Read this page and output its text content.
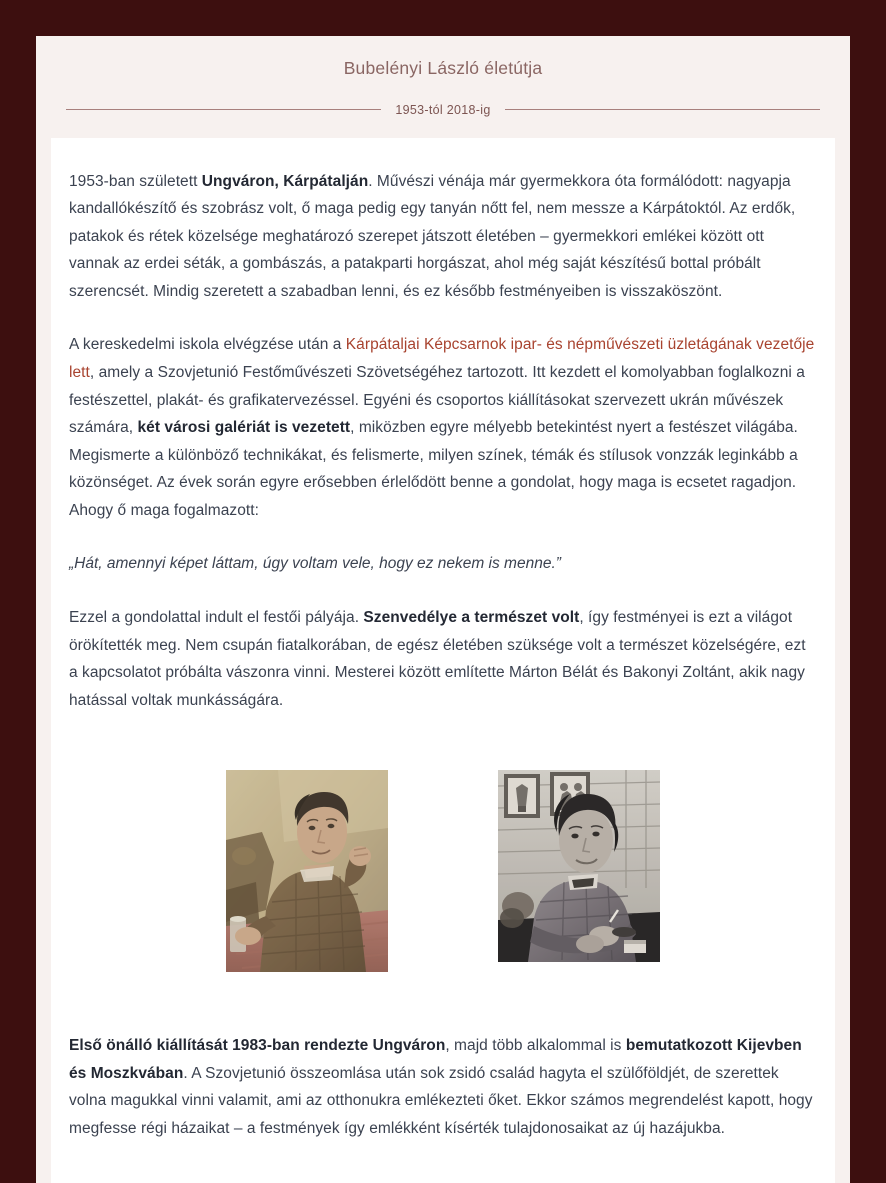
Bubelényi László életútja
1953-tól 2018-ig

1953-ban született Ungváron, Kárpátalján. Művészi vénája már gyermekkora óta formálódott: nagyapja kandallókészítő és szobrász volt, ő maga pedig egy tanyán nőtt fel, nem messze a Kárpátoktól. Az erdők, patakok és rétek közelsége meghatározó szerepet játszott életében – gyermekkori emlékei között ott vannak az erdei séták, a gombászás, a patakparti horgászat, ahol még saját készítésű bottal próbált szerencsét. Mindig szeretett a szabadban lenni, és ez később festményeiben is visszaköszönt.

A kereskedelmi iskola elvégzése után a Kárpátaljai Képcsarnok ipar- és népművészeti üzletágának vezetője lett, amely a Szovjetunió Festőművészeti Szövetségéhez tartozott. Itt kezdett el komolyabban foglalkozni a festészettel, plakát- és grafikatervezéssel. Egyéni és csoportos kiállításokat szervezett ukrán művészek számára, két városi galériát is vezetett, miközben egyre mélyebb betekintést nyert a festészet világába. Megismerte a különböző technikákat, és felismerte, milyen színek, témák és stílusok vonzzák leginkább a közönséget. Az évek során egyre erősebben érlelődött benne a gondolat, hogy maga is ecsetet ragadjon. Ahogy ő maga fogalmazott:

„Hát, amennyi képet láttam, úgy voltam vele, hogy ez nekem is menne.”

Ezzel a gondolattal indult el festői pályája. Szenvedélye a természet volt, így festményei is ezt a világot örökítették meg. Nem csupán fiatalkorában, de egész életében szüksége volt a természet közelségére, ezt a kapcsolatot próbálta vászonra vinni. Mesterei között említette Márton Bélát és Bakonyi Zoltánt, akik nagy hatással voltak munkásságára.

Első önálló kiállítását 1983-ban rendezte Ungváron, majd több alkalommal is bemutatkozott Kijevben és Moszkvában. A Szovjetunió összeomlása után sok zsidó család hagyta el szülőföldjét, de szerettek volna magukkal vinni valamit, ami az otthonukra emlékezteti őket. Ekkor számos megrendelést kapott, hogy megfesse régi házaikat – a festmények így emlékként kísérték tulajdonosaikat az új hazájukba.
